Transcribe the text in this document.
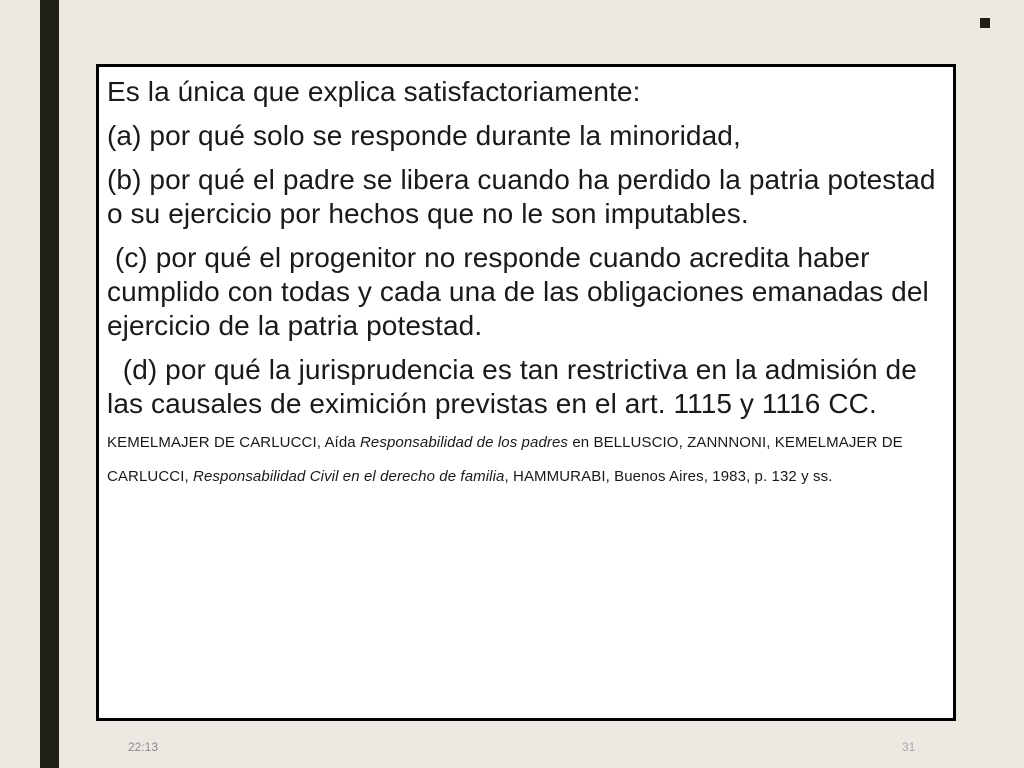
Es la única que explica satisfactoriamente:

(a) por qué solo se responde durante la minoridad,

(b) por qué el padre se libera cuando ha perdido la patria potestad o su ejercicio por hechos que no le son imputables.

(c) por qué el progenitor no responde cuando acredita haber cumplido con todas y cada una de las obligaciones emanadas del ejercicio de la patria potestad.

(d) por qué la jurisprudencia es tan restrictiva en la admisión de las causales de eximición previstas en el art. 1115 y 1116 CC. KEMELMAJER DE CARLUCCI, Aída Responsabilidad de los padres en BELLUSCIO, ZANNNONI, KEMELMAJER DE CARLUCCI, Responsabilidad Civil en el derecho de familia, HAMMURABI, Buenos Aires, 1983, p. 132 y ss.

22:13	31
